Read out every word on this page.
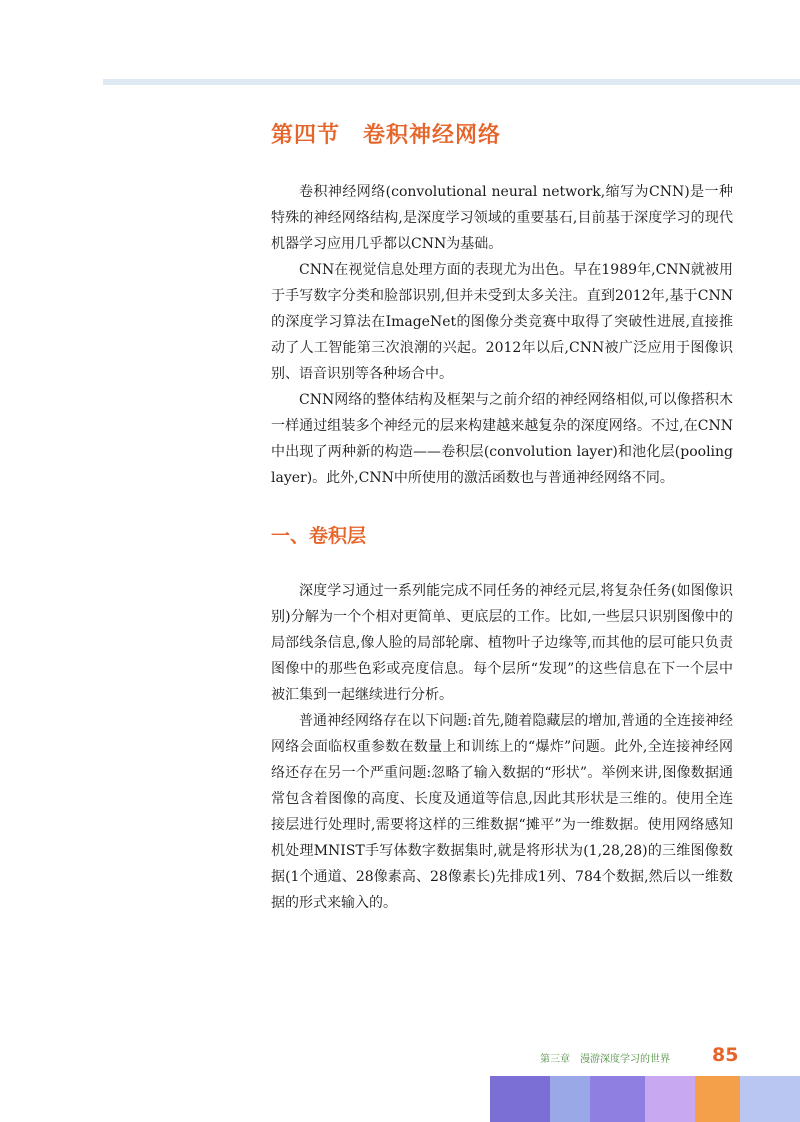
第四节　卷积神经网络

卷积神经网络(convolutional neural network,缩写为CNN)是一种特殊的神经网络结构,是深度学习领域的重要基石,目前基于深度学习的现代机器学习应用几乎都以CNN为基础。

CNN在视觉信息处理方面的表现尤为出色。早在1989年,CNN就被用于手写数字分类和脸部识别,但并未受到太多关注。直到2012年,基于CNN的深度学习算法在ImageNet的图像分类竞赛中取得了突破性进展,直接推动了人工智能第三次浪潮的兴起。2012年以后,CNN被广泛应用于图像识别、语音识别等各种场合中。

CNN网络的整体结构及框架与之前介绍的神经网络相似,可以像搭积木一样通过组装多个神经元的层来构建越来越复杂的深度网络。不过,在CNN中出现了两种新的构造——卷积层(convolution layer)和池化层(pooling layer)。此外,CNN中所使用的激活函数也与普通神经网络不同。

一、卷积层

深度学习通过一系列能完成不同任务的神经元层,将复杂任务(如图像识别)分解为一个个相对更简单、更底层的工作。比如,一些层只识别图像中的局部线条信息,像人脸的局部轮廓、植物叶子边缘等,而其他的层可能只负责图像中的那些色彩或亮度信息。每个层所“发现”的这些信息在下一个层中被汇集到一起继续进行分析。

普通神经网络存在以下问题:首先,随着隐藏层的增加,普通的全连接神经网络会面临权重参数在数量上和训练上的“爆炸”问题。此外,全连接神经网络还存在另一个严重问题:忽略了输入数据的“形状”。举例来讲,图像数据通常包含着图像的高度、长度及通道等信息,因此其形状是三维的。使用全连接层进行处理时,需要将这样的三维数据“摊平”为一维数据。使用网络感知机处理MNIST手写体数字数据集时,就是将形状为(1,28,28)的三维图像数据(1个通道、28像素高、28像素长)先排成1列、784个数据,然后以一维数据的形式来输入的。

第三章　漫游深度学习的世界 85
